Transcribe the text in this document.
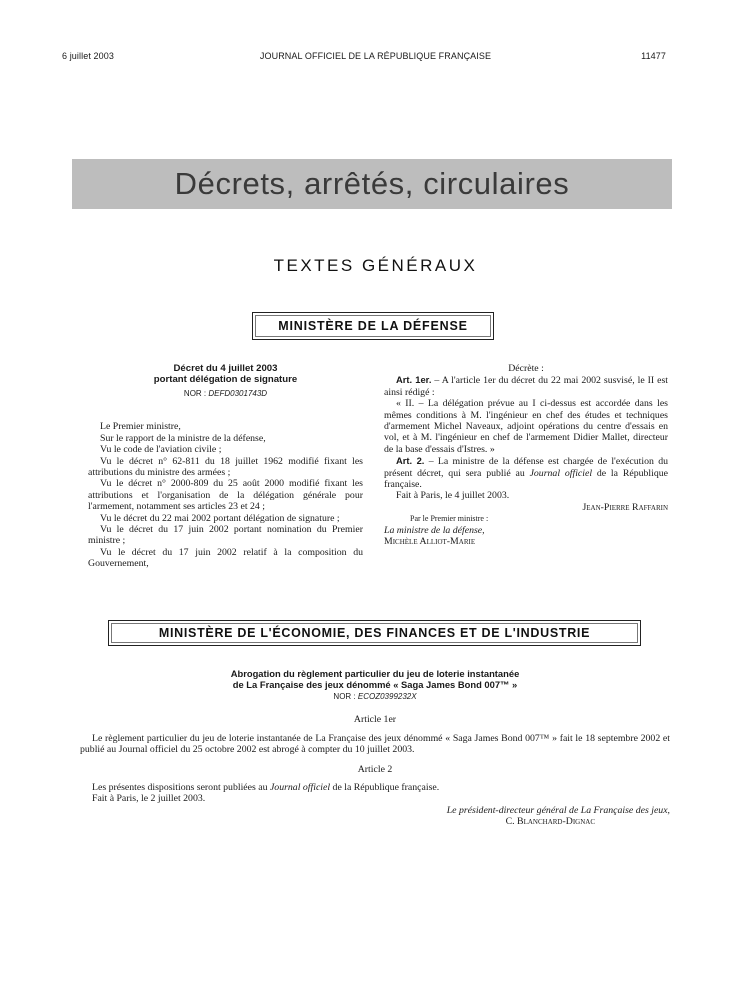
6 juillet 2003	JOURNAL OFFICIEL DE LA RÉPUBLIQUE FRANÇAISE	11477
Décrets, arrêtés, circulaires
TEXTES GÉNÉRAUX
MINISTÈRE DE LA DÉFENSE
Décret du 4 juillet 2003
portant délégation de signature
NOR : DEFD0301743D
Le Premier ministre,
Sur le rapport de la ministre de la défense,
Vu le code de l'aviation civile ;
Vu le décret n° 62-811 du 18 juillet 1962 modifié fixant les attributions du ministre des armées ;
Vu le décret n° 2000-809 du 25 août 2000 modifié fixant les attributions et l'organisation de la délégation générale pour l'armement, notamment ses articles 23 et 24 ;
Vu le décret du 22 mai 2002 portant délégation de signature ;
Vu le décret du 17 juin 2002 portant nomination du Premier ministre ;
Vu le décret du 17 juin 2002 relatif à la composition du Gouvernement,
Décrète :
Art. 1er. – A l'article 1er du décret du 22 mai 2002 susvisé, le II est ainsi rédigé :
« II. – La délégation prévue au I ci-dessus est accordée dans les mêmes conditions à M. l'ingénieur en chef des études et techniques d'armement Michel Naveaux, adjoint opérations du centre d'essais en vol, et à M. l'ingénieur en chef de l'armement Didier Mallet, directeur de la base d'essais d'Istres. »
Art. 2. – La ministre de la défense est chargée de l'exécution du présent décret, qui sera publié au Journal officiel de la République française.
Fait à Paris, le 4 juillet 2003.
Jean-Pierre Raffarin
Par le Premier ministre :
La ministre de la défense,
Michèle Alliot-Marie
MINISTÈRE DE L'ÉCONOMIE, DES FINANCES ET DE L'INDUSTRIE
Abrogation du règlement particulier du jeu de loterie instantanée
de La Française des jeux dénommé « Saga James Bond 007™ »
NOR : ECOZ0399232X
Article 1er
Le règlement particulier du jeu de loterie instantanée de La Française des jeux dénommé « Saga James Bond 007™ » fait le 18 septembre 2002 et publié au Journal officiel du 25 octobre 2002 est abrogé à compter du 10 juillet 2003.
Article 2
Les présentes dispositions seront publiées au Journal officiel de la République française.
Fait à Paris, le 2 juillet 2003.
Le président-directeur général de La Française des jeux,
C. Blanchard-Dignac
